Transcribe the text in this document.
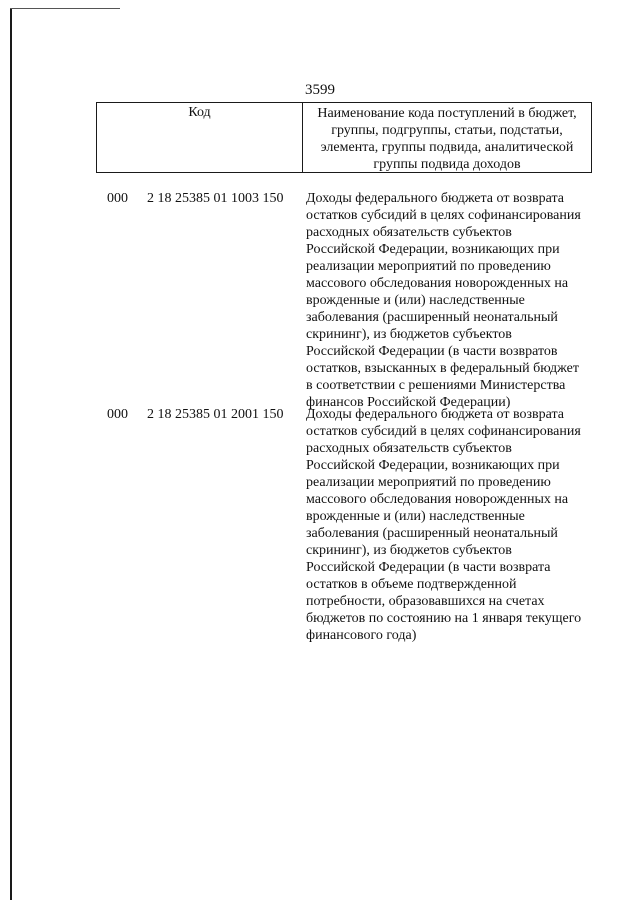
3599
Код	Наименование кода поступлений в бюджет,
группы, подгруппы, статьи, подстатьи,
элемента, группы подвида, аналитической
группы подвида доходов
000 2 18 25385 01 1003 150 Доходы федерального бюджета от возврата
остатков субсидий в целях софинансирования
расходных обязательств субъектов
Российской Федерации, возникающих при
реализации мероприятий по проведению
массового обследования новорожденных на
врожденные и (или) наследственные
заболевания (расширенный неонатальный
скрининг), из бюджетов субъектов
Российской Федерации (в части возвратов
остатков, взысканных в федеральный бюджет
в соответствии с решениями Министерства
финансов Российской Федерации)
000 2 18 25385 01 2001 150 Доходы федерального бюджета от возврата
остатков субсидий в целях софинансирования
расходных обязательств субъектов
Российской Федерации, возникающих при
реализации мероприятий по проведению
массового обследования новорожденных на
врожденные и (или) наследственные
заболевания (расширенный неонатальный
скрининг), из бюджетов субъектов
Российской Федерации (в части возврата
остатков в объеме подтвержденной
потребности, образовавшихся на счетах
бюджетов по состоянию на 1 января текущего
финансового года)
